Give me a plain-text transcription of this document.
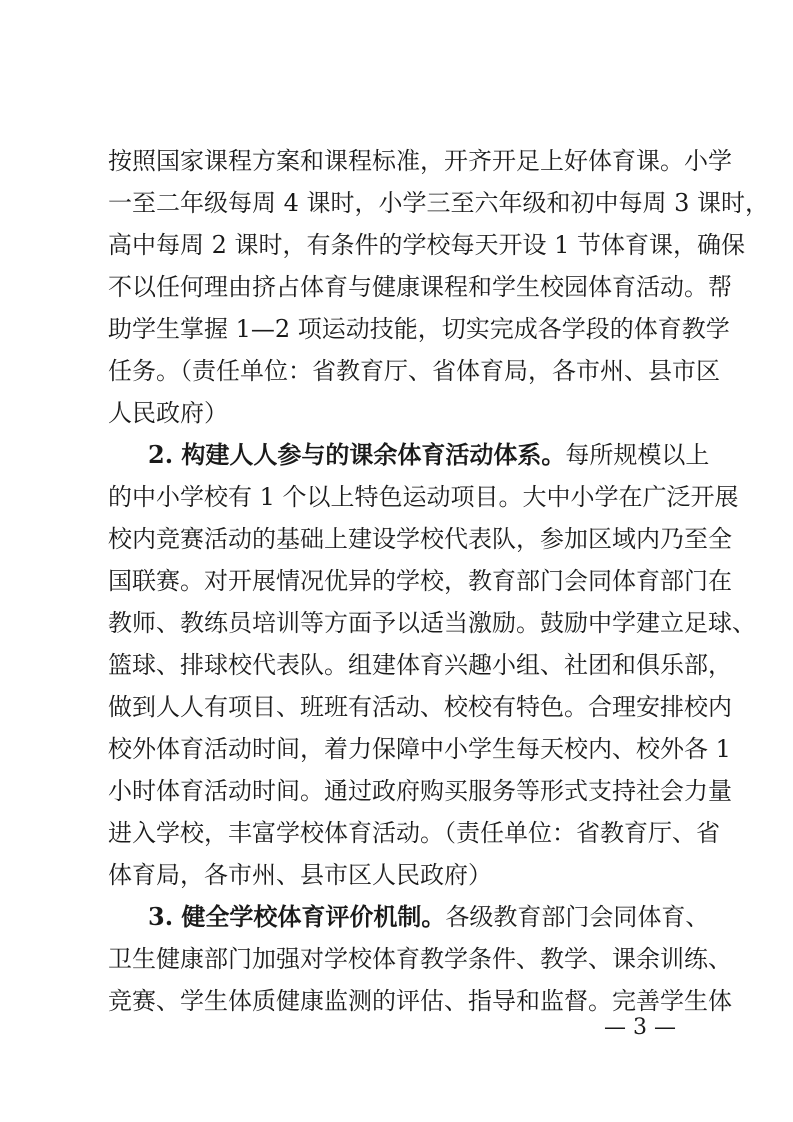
按照国家课程方案和课程标准，开齐开足上好体育课。小学
一至二年级每周 4 课时，小学三至六年级和初中每周 3 课时，
高中每周 2 课时，有条件的学校每天开设 1 节体育课，确保
不以任何理由挤占体育与健康课程和学生校园体育活动。帮
助学生掌握 1—2 项运动技能，切实完成各学段的体育教学
任务。（责任单位：省教育厅、省体育局，各市州、县市区
人民政府）
2. 构建人人参与的课余体育活动体系。每所规模以上
的中小学校有 1 个以上特色运动项目。大中小学在广泛开展
校内竞赛活动的基础上建设学校代表队，参加区域内乃至全
国联赛。对开展情况优异的学校，教育部门会同体育部门在
教师、教练员培训等方面予以适当激励。鼓励中学建立足球、
篮球、排球校代表队。组建体育兴趣小组、社团和俱乐部，
做到人人有项目、班班有活动、校校有特色。合理安排校内
校外体育活动时间，着力保障中小学生每天校内、校外各 1
小时体育活动时间。通过政府购买服务等形式支持社会力量
进入学校，丰富学校体育活动。（责任单位：省教育厅、省
体育局，各市州、县市区人民政府）
3. 健全学校体育评价机制。各级教育部门会同体育、
卫生健康部门加强对学校体育教学条件、教学、课余训练、
竞赛、学生体质健康监测的评估、指导和监督。完善学生体
— 3 —
